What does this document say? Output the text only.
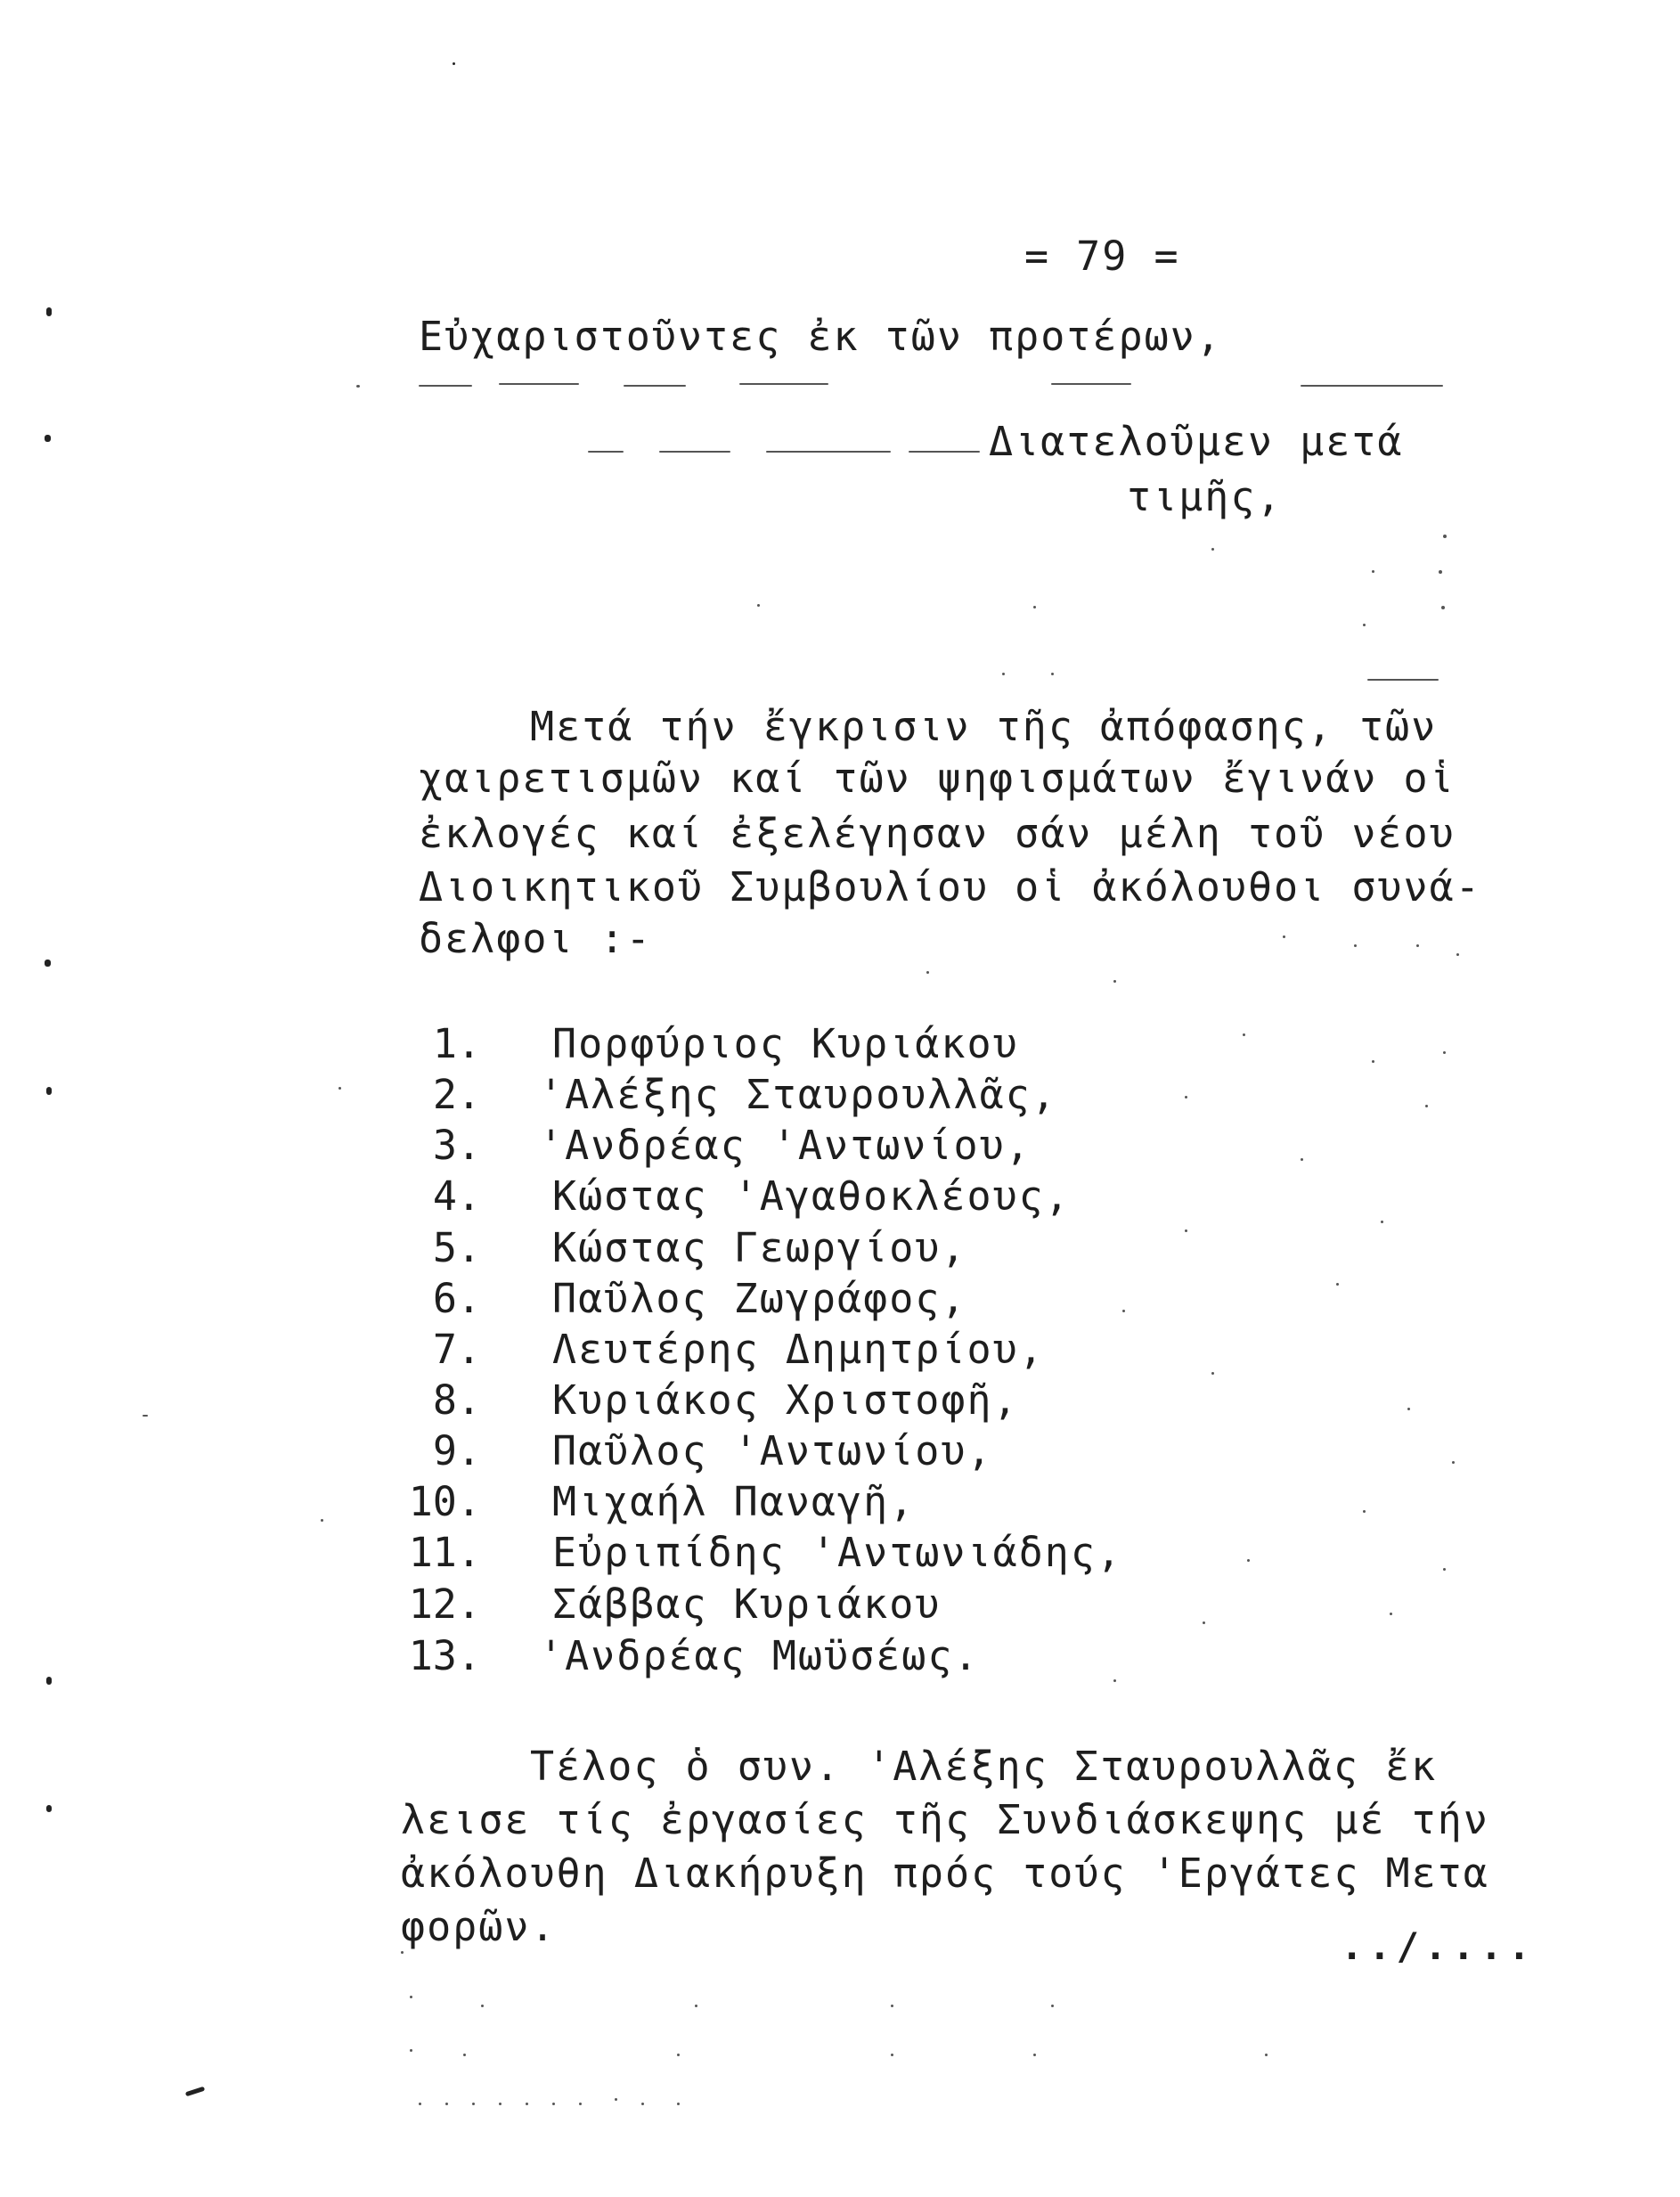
= 79 =
Εὐχαριστοῦντες ἐκ τῶν προτέρων,
Διατελοῦμεν μετά
τιμῆς,
Μετά τήν ἔγκρισιν τῆς ἀπόφασης, τῶν
χαιρετισμῶν καί τῶν ψηφισμάτων ἔγινάν οἱ
ἐκλογές καί ἐξελέγησαν σάν μέλη τοῦ νέου
Διοικητικοῦ Συμβουλίου οἱ ἀκόλουθοι συνά-
δελφοι :-
1. Πορφύριος Κυριάκου
2. 'Αλέξης Σταυρουλλᾶς,
3. 'Ανδρέας 'Αντωνίου,
4. Κώστας 'Αγαθοκλέους,
5. Κώστας Γεωργίου,
6. Παῦλος Ζωγράφος,
7. Λευτέρης Δημητρίου,
8. Κυριάκος Χριστοφῆ,
9. Παῦλος 'Αντωνίου,
10. Μιχαήλ Παναγῆ,
11. Εὐριπίδης 'Αντωνιάδης,
12. Σάββας Κυριάκου
13. 'Ανδρέας Μωϋσέως.
Τέλος ὁ συν. 'Αλέξης Σταυρουλλᾶς ἔκ
λεισε τίς ἐργασίες τῆς Συνδιάσκεψης μέ τήν
ἀκόλουθη Διακήρυξη πρός τούς 'Εργάτες Μετα
φορῶν.	../....
